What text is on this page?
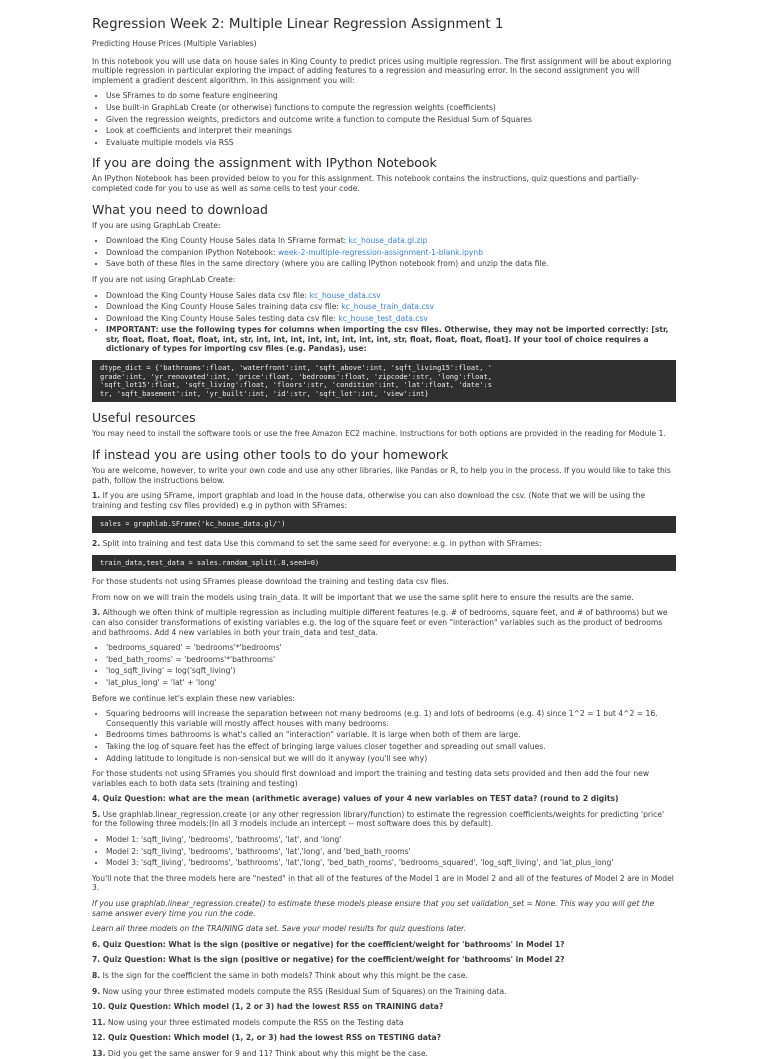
Regression Week 2: Multiple Linear Regression Assignment 1

Predicting House Prices (Multiple Variables)

In this notebook you will use data on house sales in King County to predict prices using multiple regression. The first assignment will be about exploring multiple regression in particular exploring the impact of adding features to a regression and measuring error. In the second assignment you will implement a gradient descent algorithm. In this assignment you will:

• Use SFrames to do some feature engineering
• Use built-in GraphLab Create (or otherwise) functions to compute the regression weights (coefficients)
• Given the regression weights, predictors and outcome write a function to compute the Residual Sum of Squares
• Look at coefficients and interpret their meanings
• Evaluate multiple models via RSS
If you are doing the assignment with IPython Notebook

An IPython Notebook has been provided below to you for this assignment. This notebook contains the instructions, quiz questions and partially-completed code for you to use as well as some cells to test your code.

What you need to download

If you are using GraphLab Create:

• Download the King County House Sales data In SFrame format: kc_house_data.gl.zip
• Download the companion IPython Notebook: week-2-multiple-regression-assignment-1-blank.ipynb
• Save both of these files in the same directory (where you are calling IPython notebook from) and unzip the data file.

If you are not using GraphLab Create:

• Download the King County House Sales data csv file: kc_house_data.csv
• Download the King County House Sales training data csv file: kc_house_train_data.csv
• Download the King County House Sales testing data csv file: kc_house_test_data.csv
• IMPORTANT: use the following types for columns when importing the csv files. Otherwise, they may not be imported correctly: [str, str, float, float, float, float, int, str, int, int, int, int, int, int, int, int, str, float, float, float, float]. If your tool of choice requires a dictionary of types for importing csv files (e.g. Pandas), use:
dtype_dict = {'bathrooms':float, 'waterfront':int, 'sqft_above':int, 'sqft_living15':float, '
grade':int, 'yr_renovated':int, 'price':float, 'bedrooms':float, 'zipcode':str, 'long':float,
'sqft_lot15':float, 'sqft_living':float, 'floors':str, 'condition':int, 'lat':float, 'date':s
tr, 'sqft_basement':int, 'yr_built':int, 'id':str, 'sqft_lot':int, 'view':int}
Useful resources

You may need to install the software tools or use the free Amazon EC2 machine. Instructions for both options are provided in the reading for Module 1.

If instead you are using other tools to do your homework

You are welcome, however, to write your own code and use any other libraries, like Pandas or R, to help you in the process. If you would like to take this path, follow the instructions below.

1. If you are using SFrame, import graphlab and load in the house data, otherwise you can also download the csv. (Note that we will be using the training and testing csv files provided) e.g in python with SFrames:

sales = graphlab.SFrame('kc_house_data.gl/')

2. Split into training and test data Use this command to set the same seed for everyone: e.g. in python with SFrames:

train_data,test_data = sales.random_split(.8,seed=0)

For those students not using SFrames please download the training and testing data csv files.

From now on we will train the models using train_data. It will be important that we use the same split here to ensure the results are the same.

3. Although we often think of multiple regression as including multiple different features (e.g. # of bedrooms, square feet, and # of bathrooms) but we can also consider transformations of existing variables e.g. the log of the square feet or even "interaction" variables such as the product of bedrooms and bathrooms. Add 4 new variables in both your train_data and test_data.

• 'bedrooms_squared' = 'bedrooms'*'bedrooms'
• 'bed_bath_rooms' = 'bedrooms'*'bathrooms'
• 'log_sqft_living' = log('sqft_living')
• 'lat_plus_long' = 'lat' + 'long'

Before we continue let's explain these new variables:

• Squaring bedrooms will increase the separation between not many bedrooms (e.g. 1) and lots of bedrooms (e.g. 4) since 1^2 = 1 but 4^2 = 16. Consequently this variable will mostly affect houses with many bedrooms.
• Bedrooms times bathrooms is what's called an "interaction" variable. It is large when both of them are large.
• Taking the log of square feet has the effect of bringing large values closer together and spreading out small values.
• Adding latitude to longitude is non-sensical but we will do it anyway (you'll see why)

For those students not using SFrames you should first download and import the training and testing data sets provided and then add the four new variables each to both data sets (training and testing)

4. Quiz Question: what are the mean (arithmetic average) values of your 4 new variables on TEST data? (round to 2 digits)

5. Use graphlab.linear_regression.create (or any other regression library/function) to estimate the regression coefficients/weights for predicting 'price' for the following three models:(In all 3 models include an intercept -- most software does this by default).

• Model 1: 'sqft_living', 'bedrooms', 'bathrooms', 'lat', and 'long'
• Model 2: 'sqft_living', 'bedrooms', 'bathrooms', 'lat','long', and 'bed_bath_rooms'
• Model 3: 'sqft_living', 'bedrooms', 'bathrooms', 'lat','long', 'bed_bath_rooms', 'bedrooms_squared', 'log_sqft_living', and 'lat_plus_long'

You'll note that the three models here are "nested" in that all of the features of the Model 1 are in Model 2 and all of the features of Model 2 are in Model 3.

If you use graphlab.linear_regression.create() to estimate these models please ensure that you set validation_set = None. This way you will get the same answer every time you run the code.

Learn all three models on the TRAINING data set. Save your model results for quiz questions later.

6. Quiz Question: What is the sign (positive or negative) for the coefficient/weight for 'bathrooms' in Model 1?

7. Quiz Question: What is the sign (positive or negative) for the coefficient/weight for 'bathrooms' in Model 2?

8. Is the sign for the coefficient the same in both models? Think about why this might be the case.

9. Now using your three estimated models compute the RSS (Residual Sum of Squares) on the Training data.

10. Quiz Question: Which model (1, 2 or 3) had the lowest RSS on TRAINING data?

11. Now using your three estimated models compute the RSS on the Testing data

12. Quiz Question: Which model (1, 2, or 3) had the lowest RSS on TESTING data?

13. Did you get the same answer for 9 and 11? Think about why this might be the case.
